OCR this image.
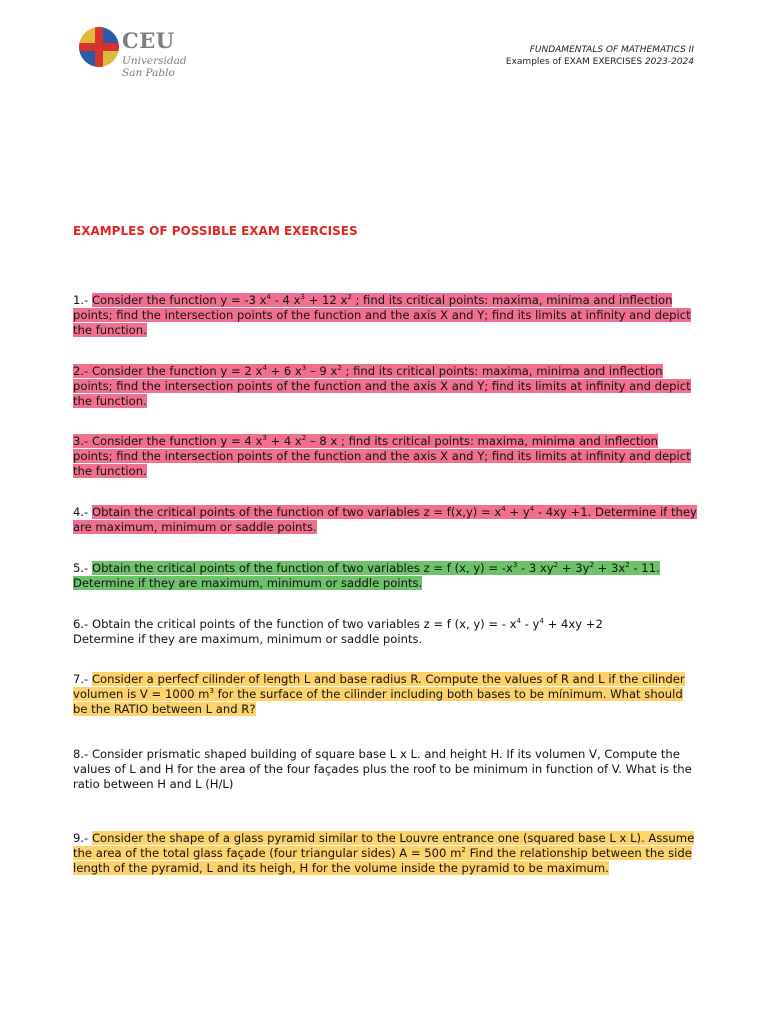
CEU
Universidad
San Pablo
FUNDAMENTALS OF MATHEMATICS II
Examples of EXAM EXERCISES 2023-2024
EXAMPLES OF POSSIBLE EXAM EXERCISES
1.- Consider the function y = -3 $x^4 - 4$ $x^3 + 12$ $x^2$ ; find its critical points: maxima, minima and inflection points; find the intersection points of the function and the axis X and Y; find its limits at infinity and depict the function.
2.- Consider the function y = 2 $x^4 + 6$ $x^3 - 9$ $x^2$ ; find its critical points: maxima, minima and inflection points; find the intersection points of the function and the axis X and Y; find its limits at infinity and depict the function.
3.- Consider the function y = 4 $x^3 + 4$ $x^2 - 8$ x ; find its critical points: maxima, minima and inflection points; find the intersection points of the function and the axis X and Y; find its limits at infinity and depict the function.
4.- Obtain the critical points of the function of two variables $z = f(x,y) = x^4 + y^4 - 4xy +1$. Determine if they are maximum, minimum or saddle points.
5.- Obtain the critical points of the function of two variables z = f (x, $y) = -x^3 - 3$ $xy^2 + 3y^2 + 3x^2 - 11$. Determine if they are maximum, minimum or saddle points.
6.- Obtain the critical points of the function of two variables z = f (x, y) = - $x^4 - y^4 + 4xy +2$
Determine if they are maximum, minimum or saddle points.
7.- Consider a perfecf cilinder of length L and base radius R. Compute the values of R and L if the cilinder volumen is V = 1000 $m^3$ for the surface of the cilinder including both bases to be mínimum. What should be the RATIO between L and R?
8.- Consider prismatic shaped building of square base L x L. and height H. If its volumen V, Compute the values of L and H for the area of the four façades plus the roof to be minimum in function of V. What is the ratio between H and L (H/L)
9.- Consider the shape of a glass pyramid similar to the Louvre entrance one (squared base L x L). Assume the area of the total glass façade (four triangular sides) A = 500 $m^2$ Find the relationship between the side length of the pyramid, L and its heigh, H for the volume inside the pyramid to be maximum.
